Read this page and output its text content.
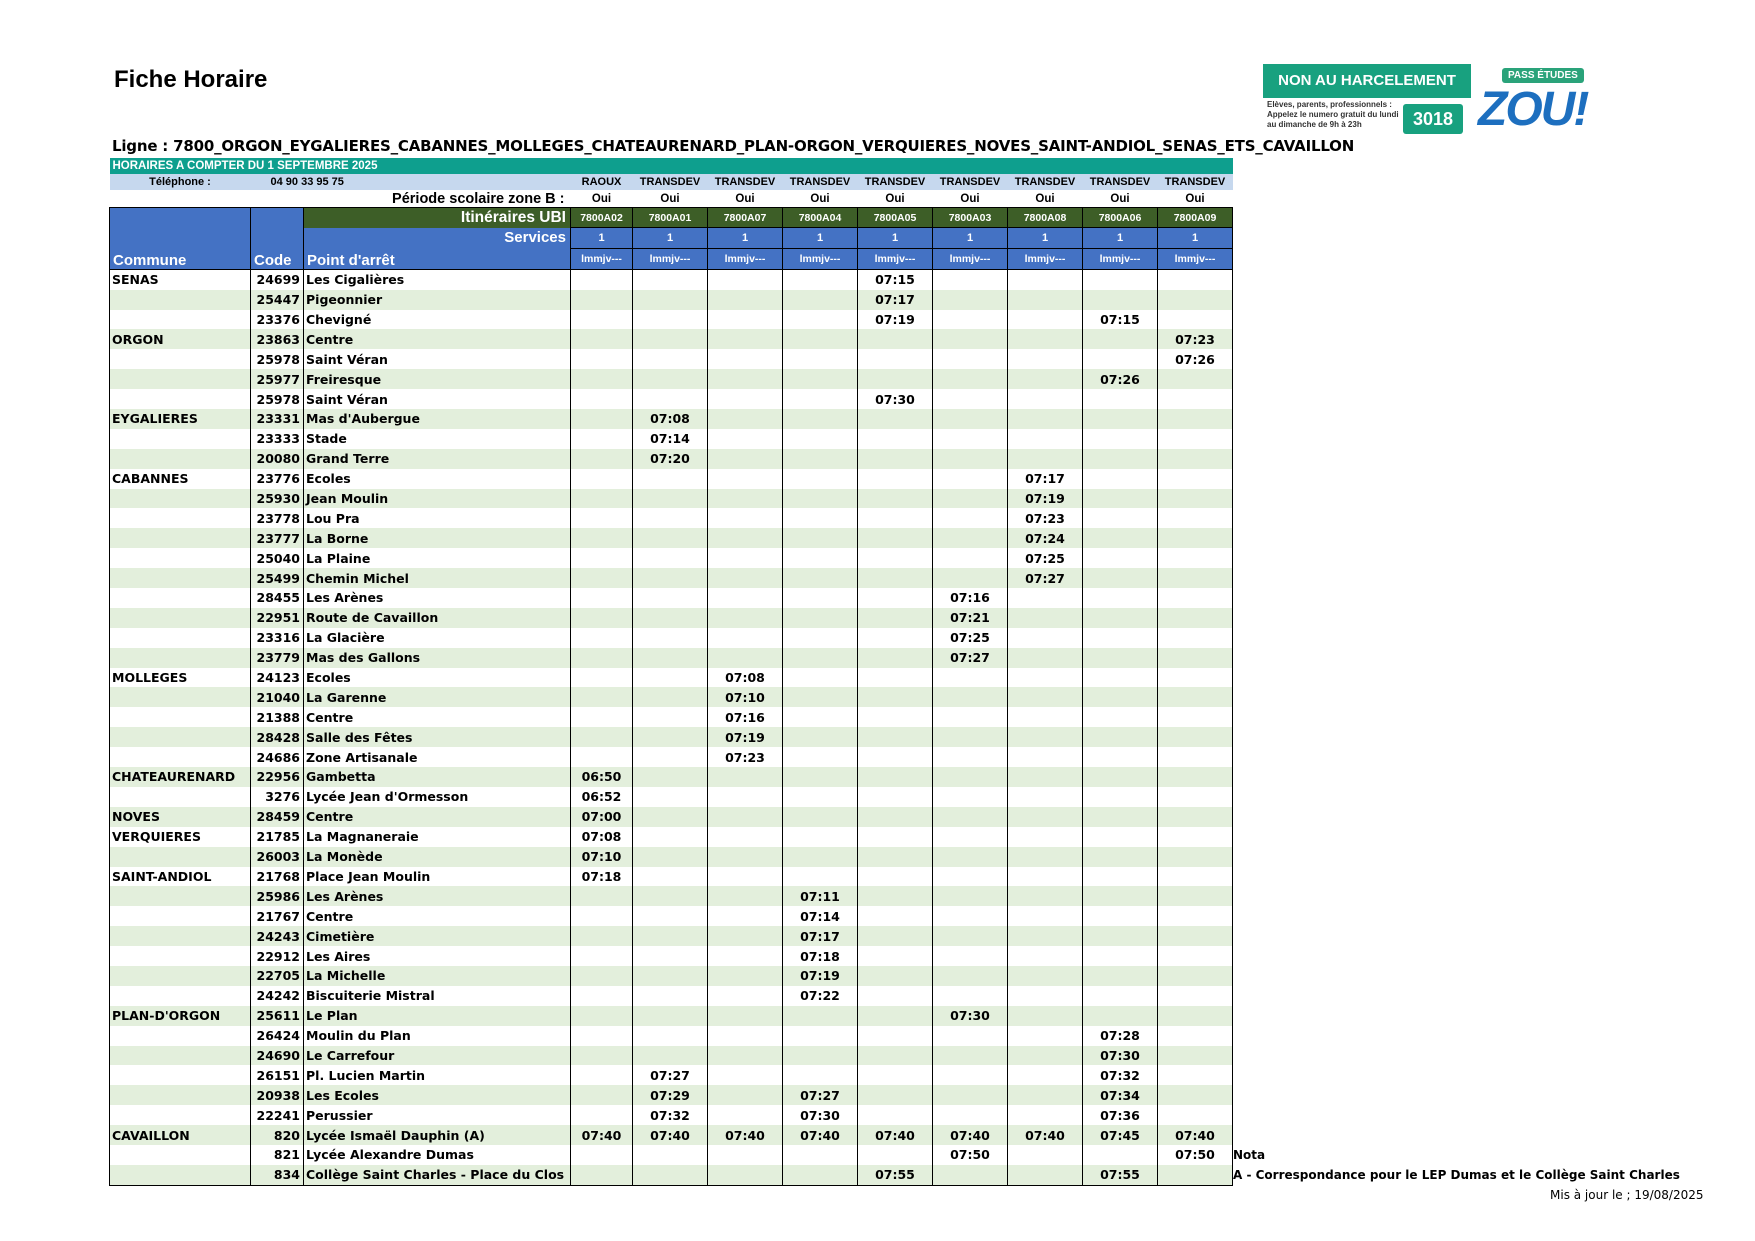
Fiche Horaire	NON AU HARCELEMENT
Elèves, parents, professionnels : Appelez le numero gratuit du lundi au dimanche de 9h à 23h	3018
PASS ÉTUDES
ZOU!
Ligne : 7800_ORGON_EYGALIERES_CABANNES_MOLLEGES_CHATEAURENARD_PLAN-ORGON_VERQUIERES_NOVES_SAINT-ANDIOL_SENAS_ETS_CAVAILLON
HORAIRES A COMPTER DU 1 SEPTEMBRE 2025											
Téléphone :	04 90 33 95 75		RAOUX	TRANSDEV	TRANSDEV	TRANSDEV	TRANSDEV	TRANSDEV	TRANSDEV	TRANSDEV	TRANSDEV
Période scolaire zone B :			Oui	Oui	Oui	Oui	Oui	Oui	Oui	Oui	Oui
		Itinéraires UBI	7800A02	7800A01	7800A07	7800A04	7800A05	7800A03	7800A08	7800A06	7800A09
		Services	1	1	1	1	1	1	1	1	1
Commune	Code	Point d'arrêt	lmmjv---	lmmjv---	lmmjv---	lmmjv---	lmmjv---	lmmjv---	lmmjv---	lmmjv---	lmmjv---
SENAS	24699	Les Cigalières					07:15				
	25447	Pigeonnier					07:17				
	23376	Chevigné					07:19			07:15	
ORGON	23863	Centre									07:23
	25978	Saint Véran									07:26
	25977	Freiresque								07:26	
	25978	Saint Véran					07:30				
EYGALIERES	23331	Mas d'Aubergue		07:08							
	23333	Stade		07:14							
	20080	Grand Terre		07:20							
CABANNES	23776	Ecoles							07:17		
	25930	Jean Moulin							07:19		
	23778	Lou Pra							07:23		
	23777	La Borne							07:24		
	25040	La Plaine							07:25		
	25499	Chemin Michel							07:27		
	28455	Les Arènes						07:16			
	22951	Route de Cavaillon						07:21			
	23316	La Glacière						07:25			
	23779	Mas des Gallons						07:27			
MOLLEGES	24123	Ecoles			07:08						
	21040	La Garenne			07:10						
	21388	Centre			07:16						
	28428	Salle des Fêtes			07:19						
	24686	Zone Artisanale			07:23						
CHATEAURENARD	22956	Gambetta	06:50								
	3276	Lycée Jean d'Ormesson	06:52								
NOVES	28459	Centre	07:00								
VERQUIERES	21785	La Magnaneraie	07:08								
	26003	La Monède	07:10								
SAINT-ANDIOL	21768	Place Jean Moulin	07:18								
	25986	Les Arènes				07:11					
	21767	Centre				07:14					
	24243	Cimetière				07:17					
	22912	Les Aires				07:18					
	22705	La Michelle				07:19					
	24242	Biscuiterie Mistral				07:22					
PLAN-D'ORGON	25611	Le Plan						07:30			
	26424	Moulin du Plan								07:28	
	24690	Le Carrefour								07:30	
	26151	Pl. Lucien Martin		07:27						07:32	
	20938	Les Ecoles		07:29		07:27				07:34	
	22241	Perussier		07:32		07:30				07:36	
CAVAILLON	820	Lycée Ismaël Dauphin (A)	07:40	07:40	07:40	07:40	07:40	07:40	07:40	07:45	07:40
	821	Lycée Alexandre Dumas						07:50			07:50
	834	Collège Saint Charles - Place du Clos					07:55			07:55	
Nota
A - Correspondance pour le LEP Dumas et le Collège Saint Charles
Mis à jour le ; 19/08/2025
